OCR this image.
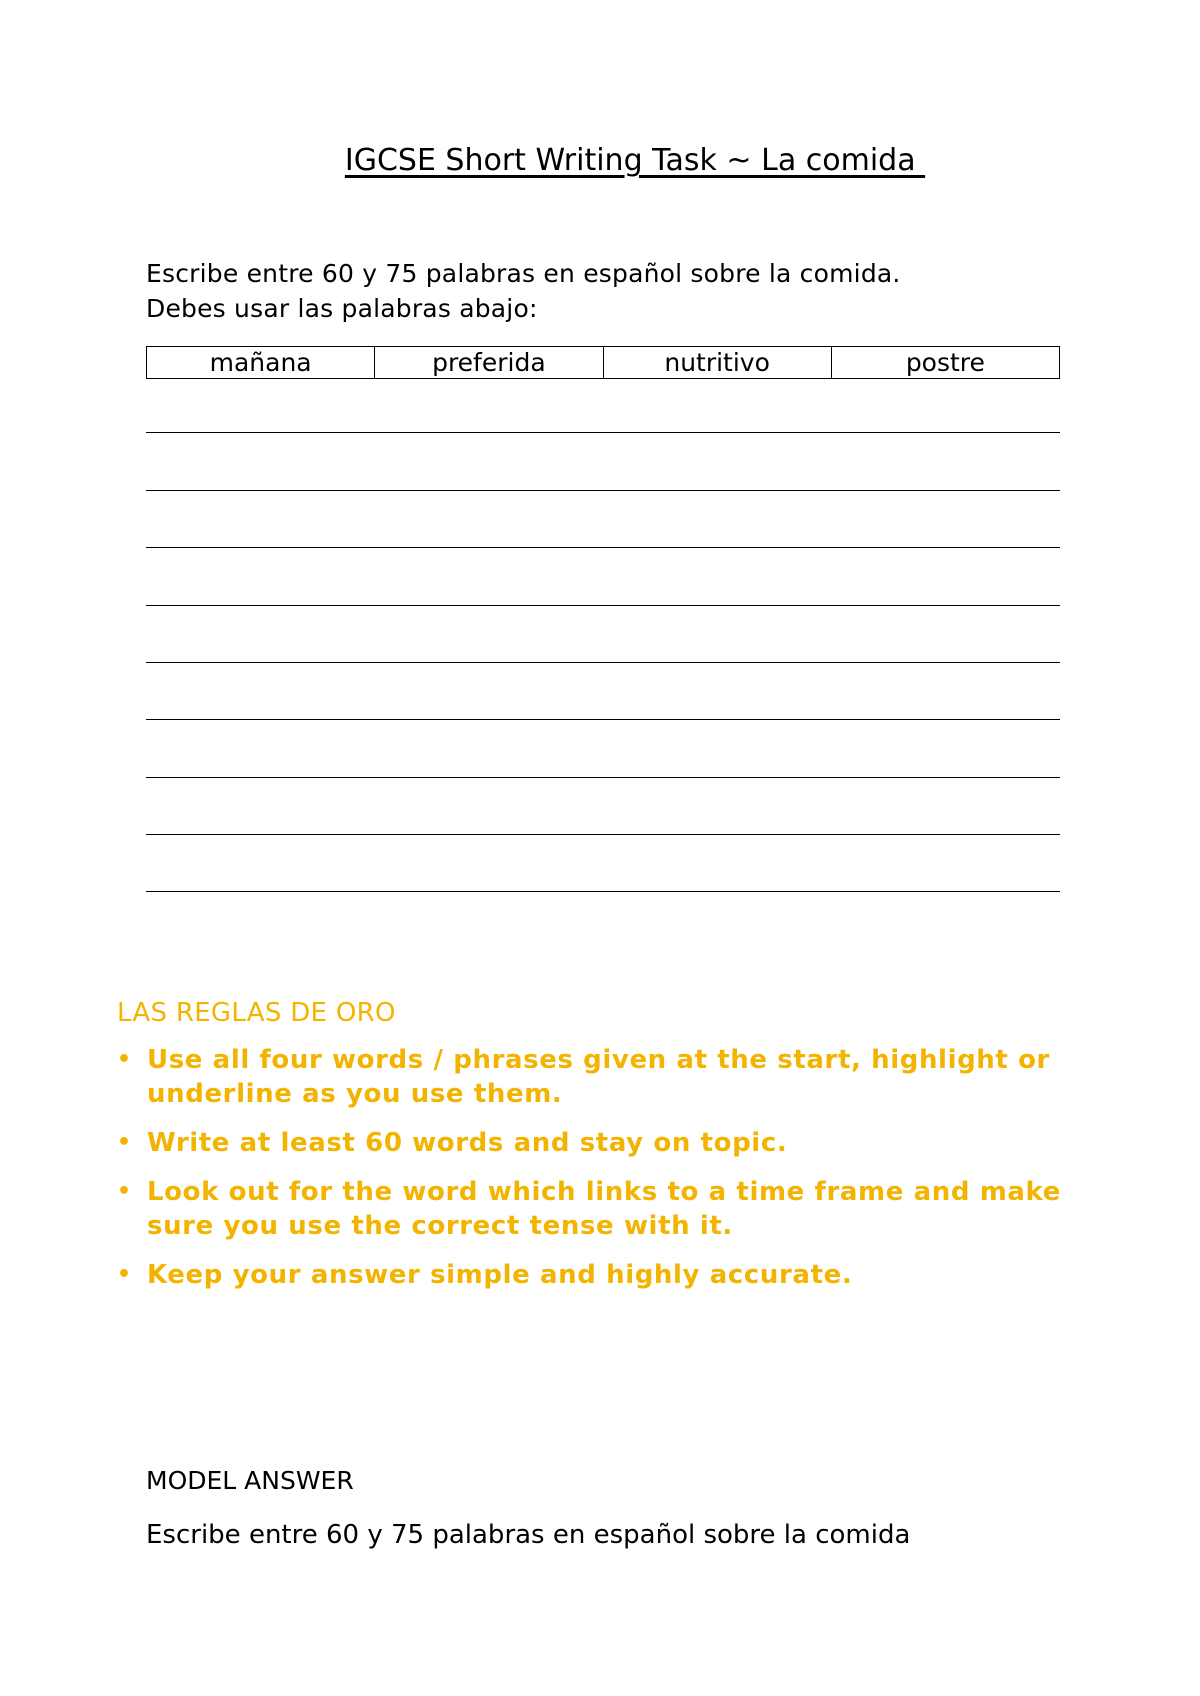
IGCSE Short Writing Task ~ La comida
Escribe entre 60 y 75 palabras en español sobre la comida.
Debes usar las palabras abajo:
mañana	preferida	nutritivo	postre
LAS REGLAS DE ORO
• Use all four words / phrases given at the start, highlight or underline as you use them.
• Write at least 60 words and stay on topic.
• Look out for the word which links to a time frame and make sure you use the correct tense with it.
• Keep your answer simple and highly accurate.
MODEL ANSWER
Escribe entre 60 y 75 palabras en español sobre la comida
